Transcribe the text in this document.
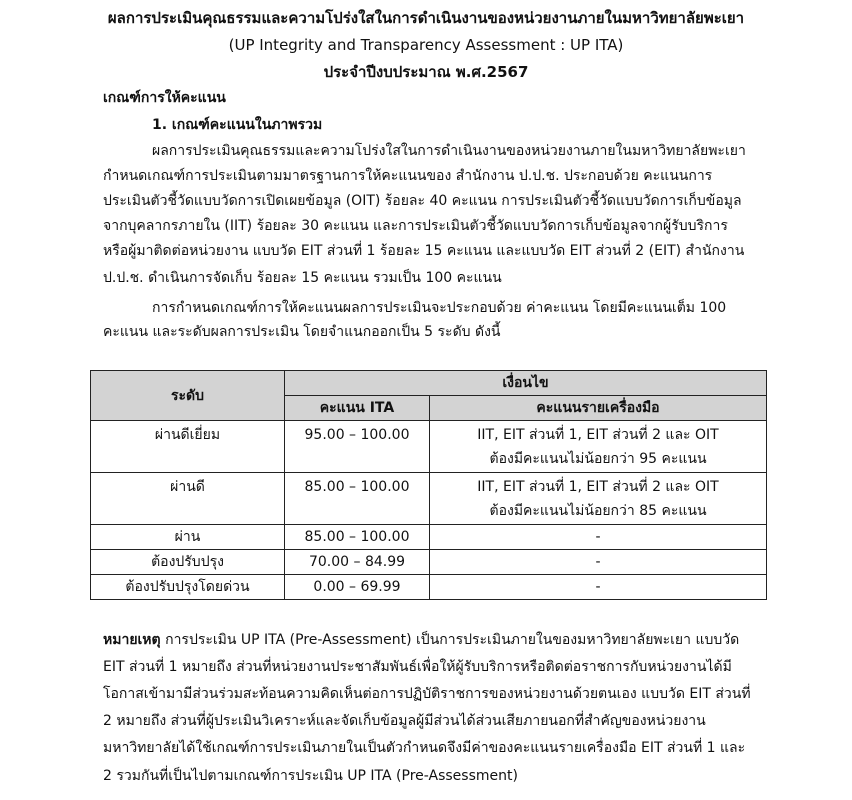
ผลการประเมินคุณธรรมและความโปร่งใสในการดำเนินงานของหน่วยงานภายในมหาวิทยาลัยพะเยา
(UP Integrity and Transparency Assessment : UP ITA)
ประจำปีงบประมาณ พ.ศ.2567
เกณฑ์การให้คะแนน
1. เกณฑ์คะแนนในภาพรวม
ผลการประเมินคุณธรรมและความโปร่งใสในการดำเนินงานของหน่วยงานภายในมหาวิทยาลัยพะเยา
กำหนดเกณฑ์การประเมินตามมาตรฐานการให้คะแนนของ สำนักงาน ป.ป.ช. ประกอบด้วย คะแนนการ
ประเมินตัวชี้วัดแบบวัดการเปิดเผยข้อมูล (OIT) ร้อยละ 40 คะแนน การประเมินตัวชี้วัดแบบวัดการเก็บข้อมูล
จากบุคลากรภายใน (IIT) ร้อยละ 30 คะแนน และการประเมินตัวชี้วัดแบบวัดการเก็บข้อมูลจากผู้รับบริการ
หรือผู้มาติดต่อหน่วยงาน แบบวัด EIT ส่วนที่ 1 ร้อยละ 15 คะแนน และแบบวัด EIT ส่วนที่ 2 (EIT) สำนักงาน
ป.ป.ช. ดำเนินการจัดเก็บ ร้อยละ 15 คะแนน รวมเป็น 100 คะแนน
การกำหนดเกณฑ์การให้คะแนนผลการประเมินจะประกอบด้วย ค่าคะแนน โดยมีคะแนนเต็ม 100
คะแนน และระดับผลการประเมิน โดยจำแนกออกเป็น 5 ระดับ ดังนี้
ระดับ	เงื่อนไข	
	คะแนน ITA	คะแนนรายเครื่องมือ
ผ่านดีเยี่ยม	95.00 – 100.00	IIT, EIT ส่วนที่ 1, EIT ส่วนที่ 2 และ OIT
ต้องมีคะแนนไม่น้อยกว่า 95 คะแนน

ผ่านดี	85.00 – 100.00	IIT, EIT ส่วนที่ 1, EIT ส่วนที่ 2 และ OIT
ต้องมีคะแนนไม่น้อยกว่า 85 คะแนน

ผ่าน	85.00 – 100.00	-
ต้องปรับปรุง	70.00 – 84.99	-
ต้องปรับปรุงโดยด่วน	0.00 – 69.99	-
หมายเหตุ การประเมิน UP ITA (Pre-Assessment) เป็นการประเมินภายในของมหาวิทยาลัยพะเยา แบบวัด
EIT ส่วนที่ 1 หมายถึง ส่วนที่หน่วยงานประชาสัมพันธ์เพื่อให้ผู้รับบริการหรือติดต่อราชการกับหน่วยงานได้มี
โอกาสเข้ามามีส่วนร่วมสะท้อนความคิดเห็นต่อการปฏิบัติราชการของหน่วยงานด้วยตนเอง แบบวัด EIT ส่วนที่
2 หมายถึง ส่วนที่ผู้ประเมินวิเคราะห์และจัดเก็บข้อมูลผู้มีส่วนได้ส่วนเสียภายนอกที่สำคัญของหน่วยงาน
มหาวิทยาลัยได้ใช้เกณฑ์การประเมินภายในเป็นตัวกำหนดจึงมีค่าของคะแนนรายเครื่องมือ EIT ส่วนที่ 1 และ
2 รวมกันที่เป็นไปตามเกณฑ์การประเมิน UP ITA (Pre-Assessment)
